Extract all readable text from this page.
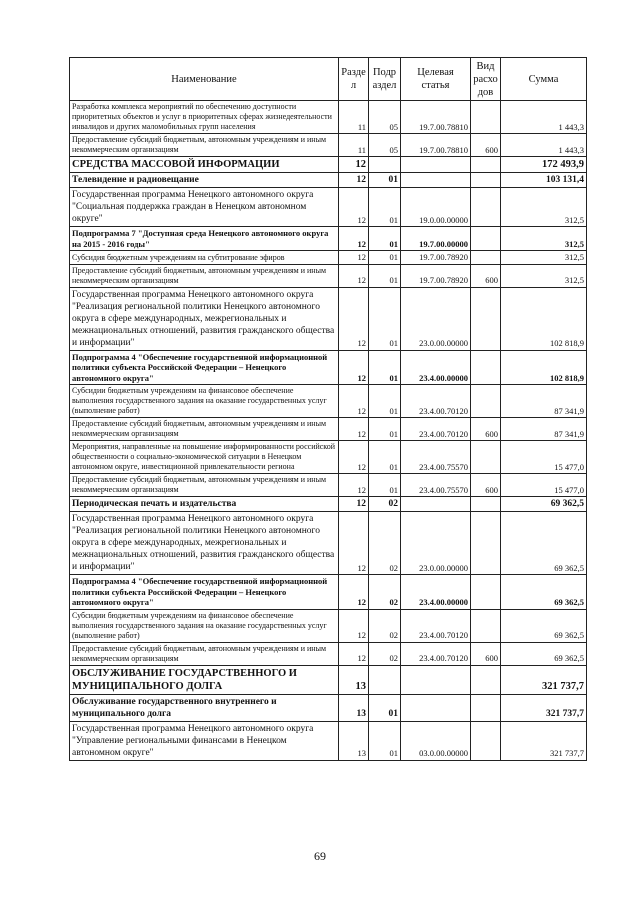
Наименование	Разде л	Подр аздел	Целевая статья	Вид расхо дов	Сумма
Разработка комплекса мероприятий по обеспечению доступности приоритетных объектов и услуг в приоритетных сферах жизнедеятельности инвалидов и других маломобильных групп населения	11	05	19.7.00.78810		1 443,3
Предоставление субсидий бюджетным, автономным учреждениям и иным некоммерческим организациям	11	05	19.7.00.78810	600	1 443,3
СРЕДСТВА МАССОВОЙ ИНФОРМАЦИИ	12				172 493,9
Телевидение и радиовещание	12	01			103 131,4
Государственная программа Ненецкого автономного округа "Социальная поддержка граждан в Ненецком автономном округе"	12	01	19.0.00.00000		312,5
Подпрограмма 7 "Доступная среда Ненецкого автономного округа на 2015 - 2016 годы"	12	01	19.7.00.00000		312,5
Субсидия бюджетным учреждениям на субтитрование эфиров	12	01	19.7.00.78920		312,5
Предоставление субсидий бюджетным, автономным учреждениям и иным некоммерческим организациям	12	01	19.7.00.78920	600	312,5
Государственная программа Ненецкого автономного округа "Реализация региональной политики Ненецкого автономного округа в сфере международных, межрегиональных и межнациональных отношений, развития гражданского общества и информации"	12	01	23.0.00.00000		102 818,9
Подпрограмма 4 "Обеспечение государственной информационной политики субъекта Российской Федерации – Ненецкого автономного округа"	12	01	23.4.00.00000		102 818,9
Субсидии бюджетным учреждениям на финансовое обеспечение выполнения государственного задания на оказание государственных услуг (выполнение работ)	12	01	23.4.00.70120		87 341,9
Предоставление субсидий бюджетным, автономным учреждениям и иным некоммерческим организациям	12	01	23.4.00.70120	600	87 341,9
Мероприятия, направленные на повышение информированности российской общественности о социально-экономической ситуации в Ненецком автономном округе, инвестиционной привлекательности региона	12	01	23.4.00.75570		15 477,0
Предоставление субсидий бюджетным, автономным учреждениям и иным некоммерческим организациям	12	01	23.4.00.75570	600	15 477,0
Периодическая печать и издательства	12	02			69 362,5
Государственная программа Ненецкого автономного округа "Реализация региональной политики Ненецкого автономного округа в сфере международных, межрегиональных и межнациональных отношений, развития гражданского общества и информации"	12	02	23.0.00.00000		69 362,5
Подпрограмма 4 "Обеспечение государственной информационной политики субъекта Российской Федерации – Ненецкого автономного округа"	12	02	23.4.00.00000		69 362,5
Субсидии бюджетным учреждениям на финансовое обеспечение выполнения государственного задания на оказание государственных услуг (выполнение работ)	12	02	23.4.00.70120		69 362,5
Предоставление субсидий бюджетным, автономным учреждениям и иным некоммерческим организациям	12	02	23.4.00.70120	600	69 362,5
ОБСЛУЖИВАНИЕ ГОСУДАРСТВЕННОГО И МУНИЦИПАЛЬНОГО ДОЛГА	13				321 737,7
Обслуживание государственного внутреннего и муниципального долга	13	01			321 737,7
Государственная программа Ненецкого автономного округа "Управление региональными финансами в Ненецком автономном округе"	13	01	03.0.00.00000		321 737,7
69
